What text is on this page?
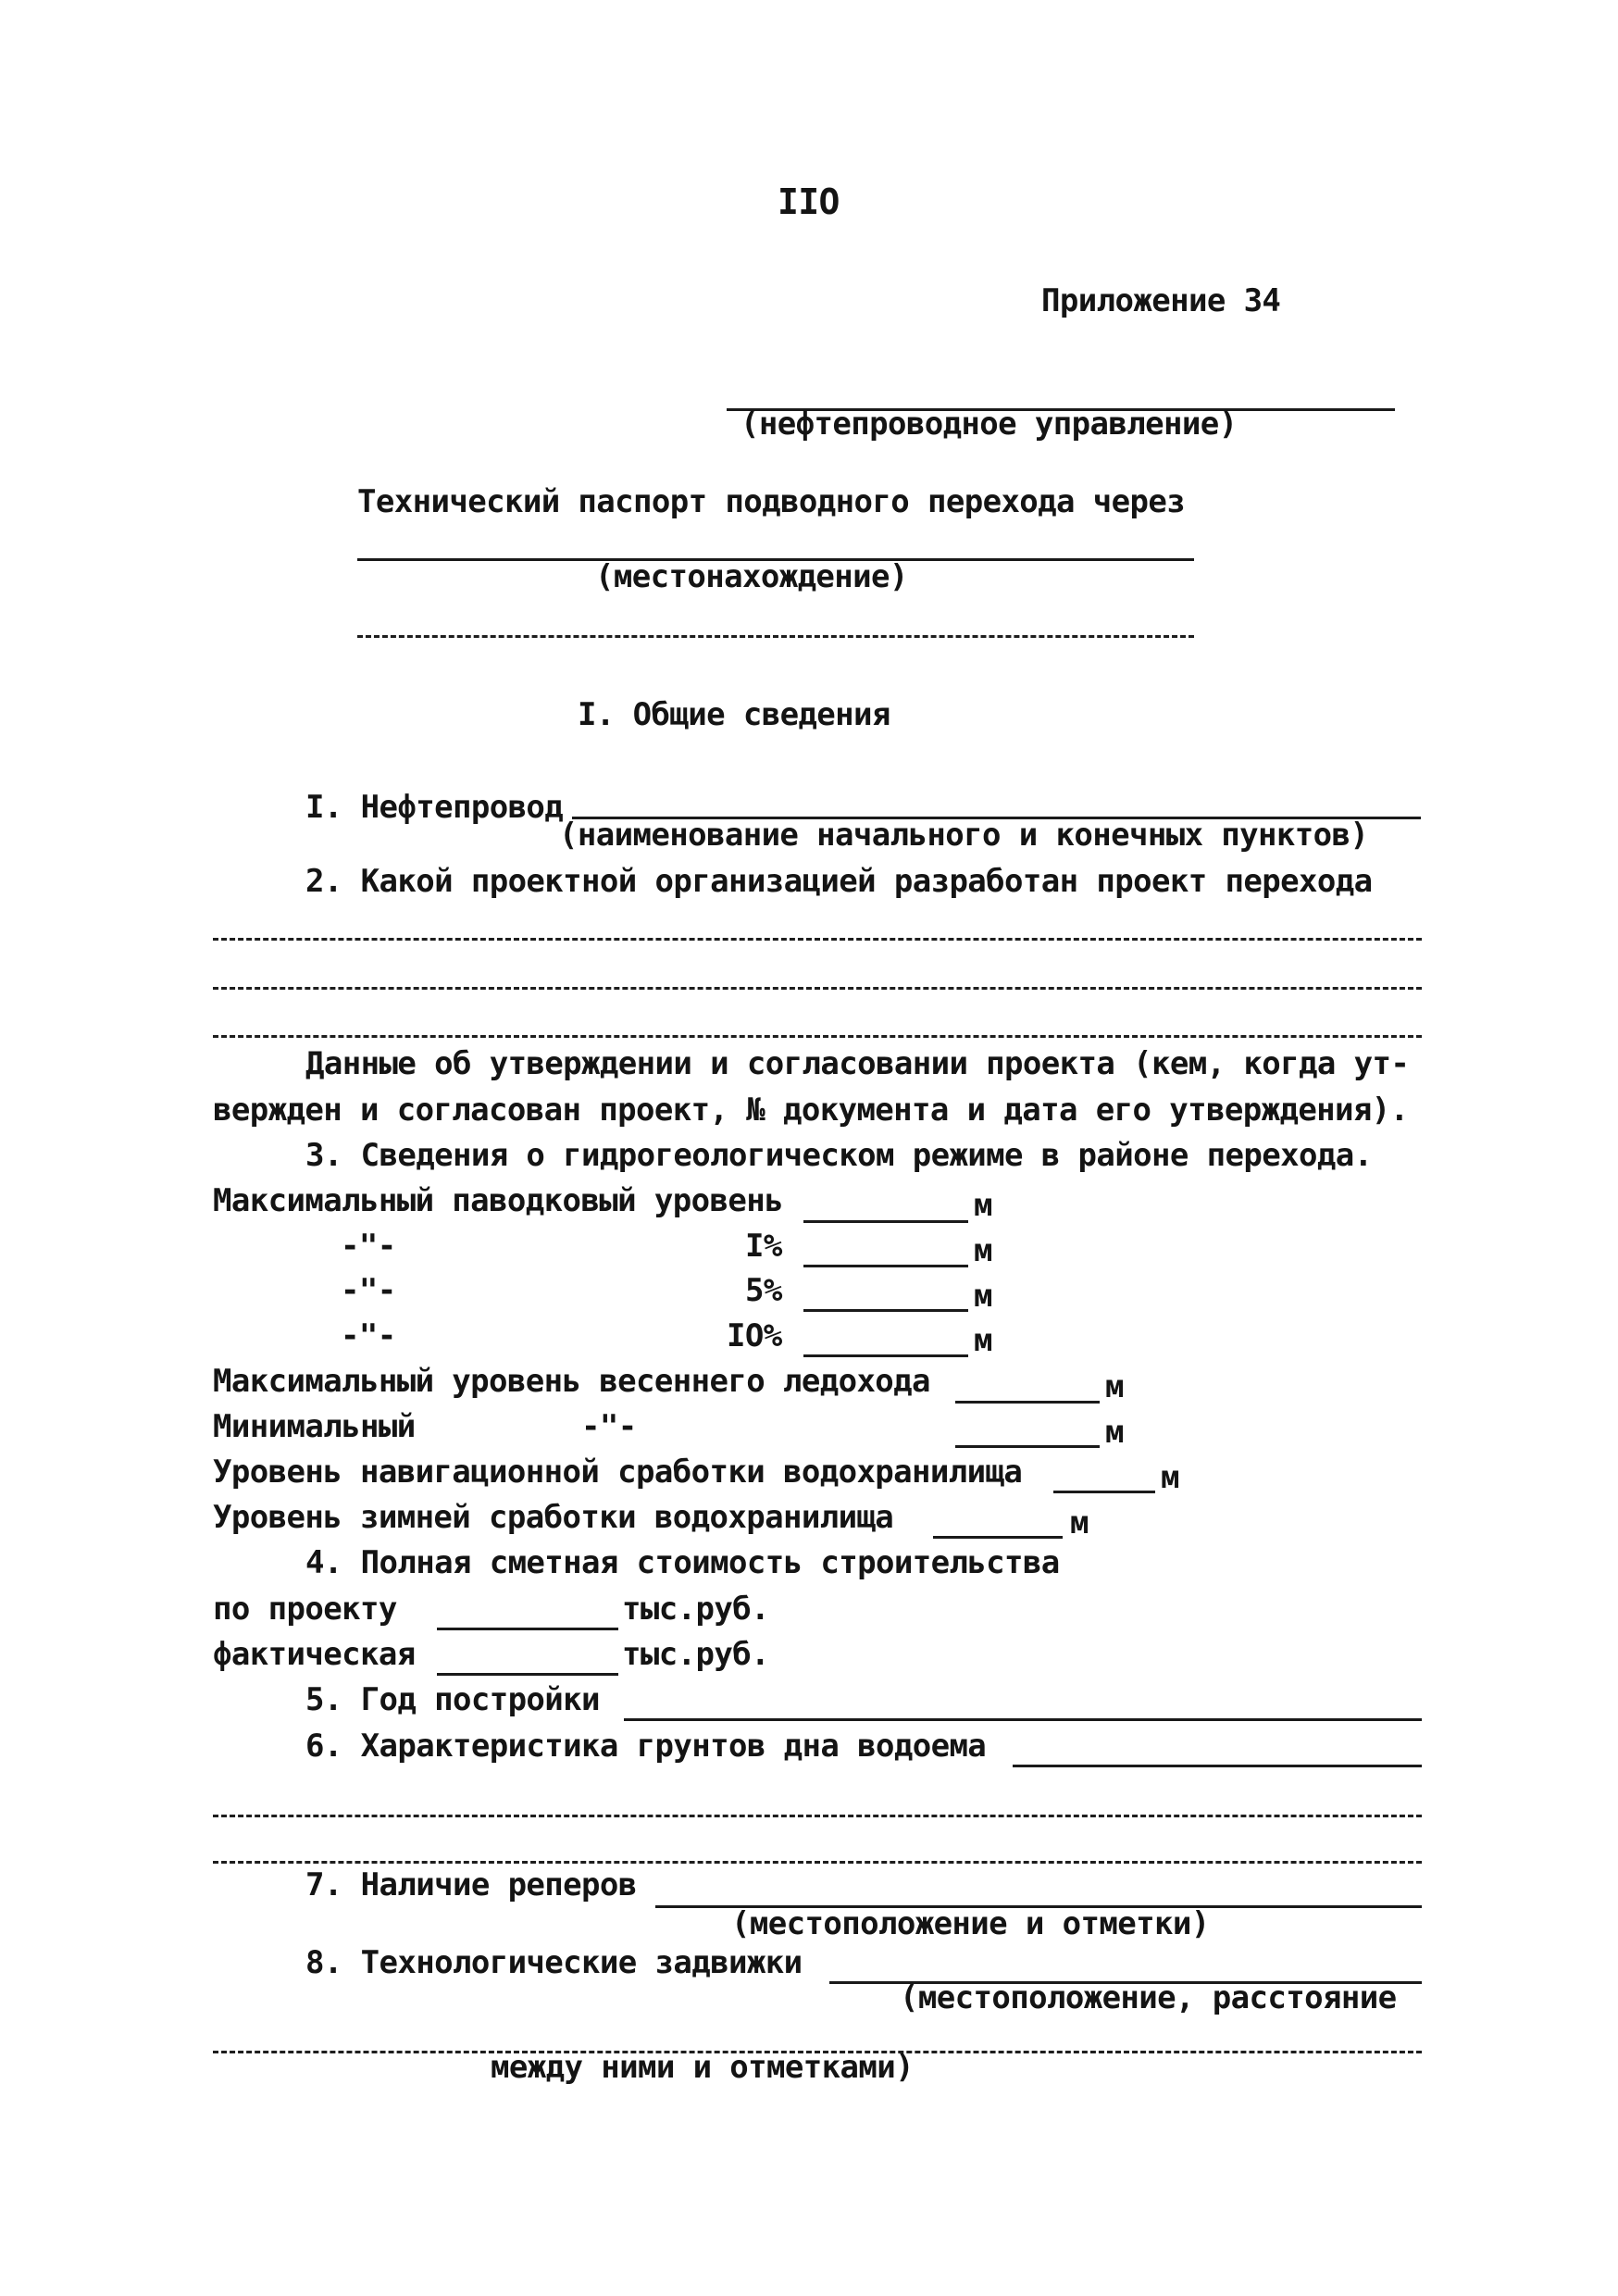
IIO
Приложение 34
(нефтепроводное управление)
Технический паспорт подводного перехода через
(местонахождение)
I. Общие сведения
I. Нефтепровод
(наименование начального и конечных пунктов)
2. Какой проектной организацией разработан проект перехода
Данные об утверждении и согласовании проекта (кем, когда ут-
вержден и согласован проект, № документа и дата его утверждения).
3. Сведения о гидрогеологическом режиме в районе перехода.
Максимальный паводковый уровень	м
-"-	I%	м
-"-	5%	м
-"-	IO%	м
Максимальный уровень весеннего ледохода	м
Минимальный	-"-	м
Уровень навигационной сработки водохранилища	м
Уровень зимней сработки водохранилища	м
4. Полная сметная стоимость строительства
по проекту	тыс.руб.
фактическая	тыс.руб.
5. Год постройки
6. Характеристика грунтов дна водоема
7. Наличие реперов
(местоположение и отметки)
8. Технологические задвижки
(местоположение, расстояние
между ними и отметками)
